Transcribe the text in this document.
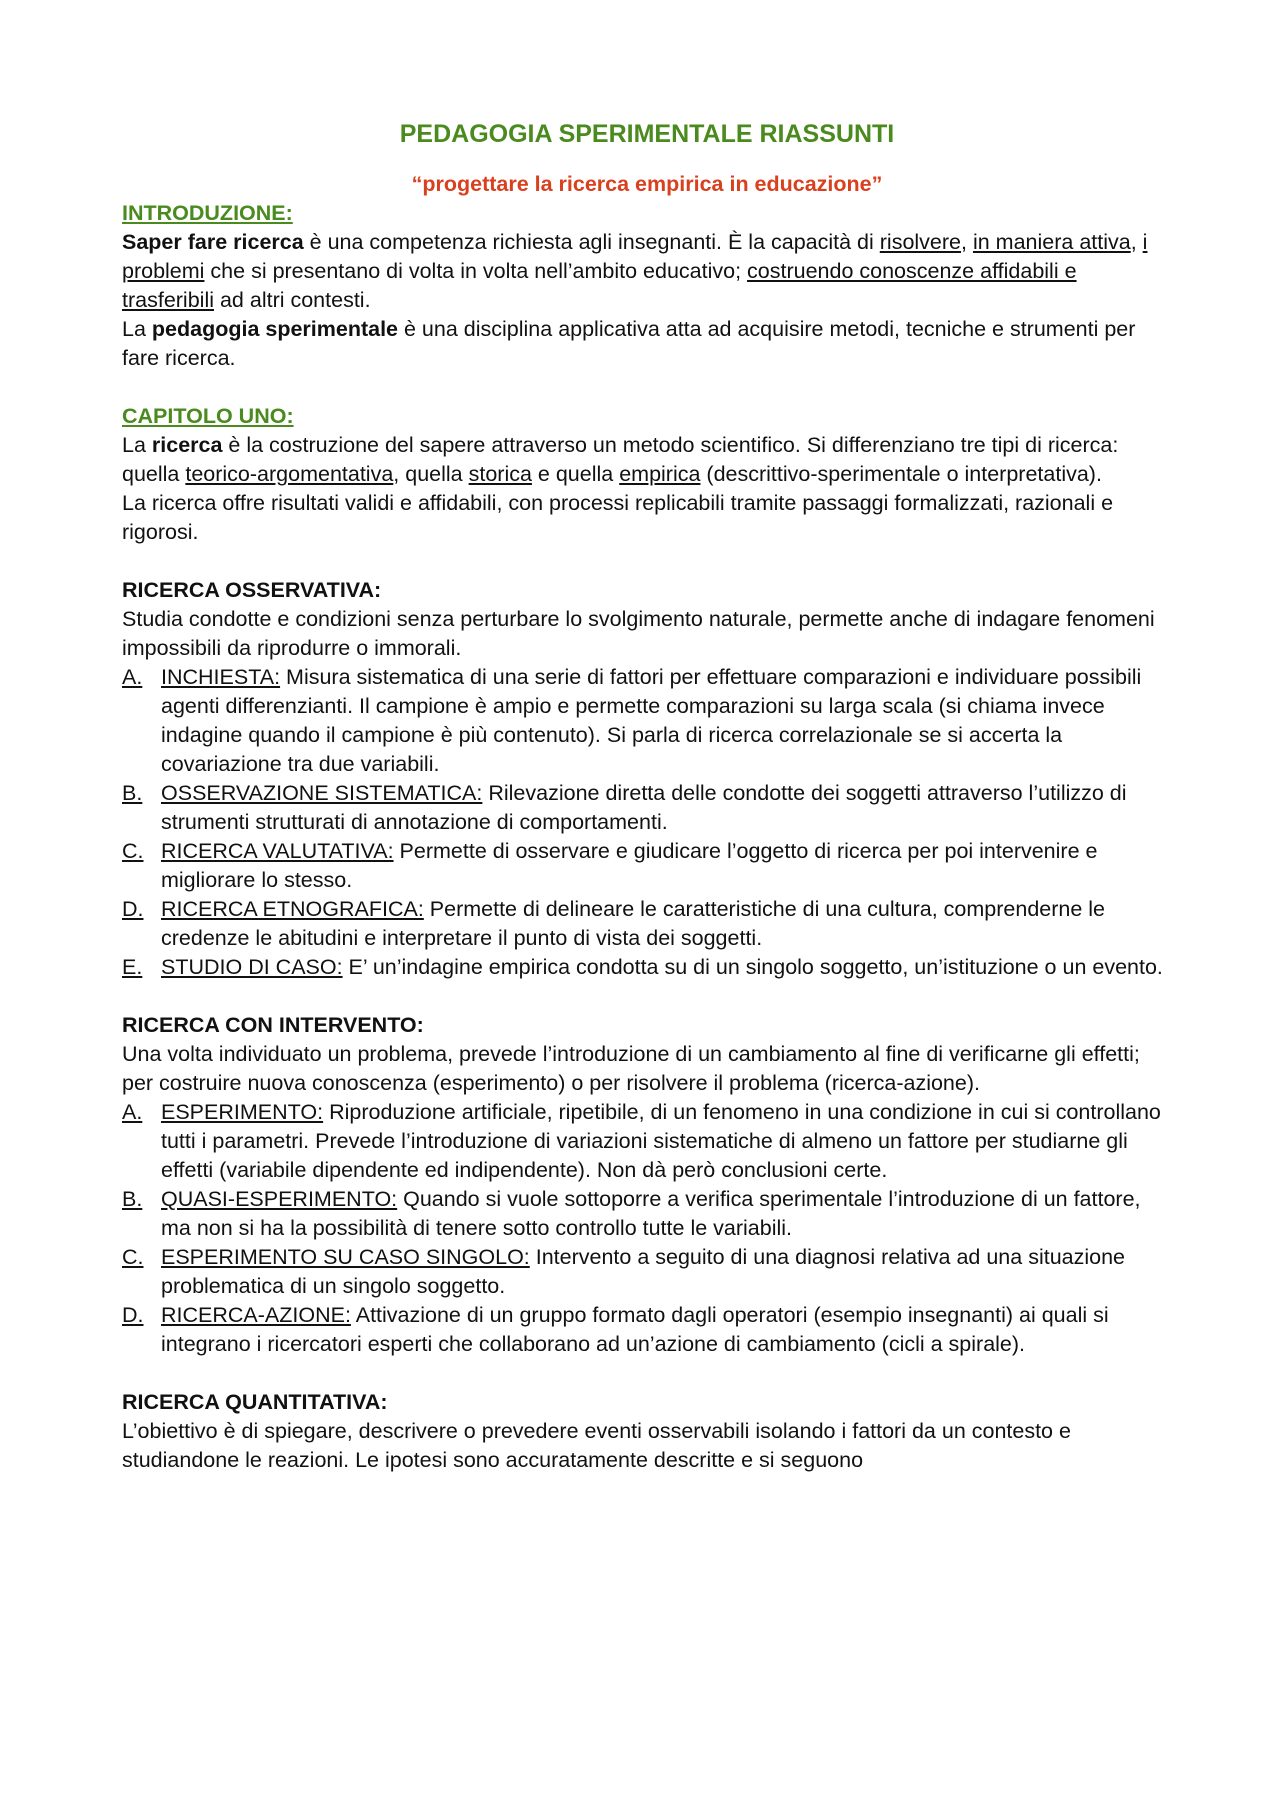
PEDAGOGIA SPERIMENTALE RIASSUNTI
“progettare la ricerca empirica in educazione”
INTRODUZIONE:

Saper fare ricerca è una competenza richiesta agli insegnanti. È la capacità di risolvere, in maniera attiva, i problemi che si presentano di volta in volta nell’ambito educativo; costruendo conoscenze affidabili e trasferibili ad altri contesti.

La pedagogia sperimentale è una disciplina applicativa atta ad acquisire metodi, tecniche e strumenti per fare ricerca.

CAPITOLO UNO:

La ricerca è la costruzione del sapere attraverso un metodo scientifico. Si differenziano tre tipi di ricerca: quella teorico-argomentativa, quella storica e quella empirica (descrittivo-sperimentale o interpretativa).

La ricerca offre risultati validi e affidabili, con processi replicabili tramite passaggi formalizzati, razionali e rigorosi.

RICERCA OSSERVATIVA:

Studia condotte e condizioni senza perturbare lo svolgimento naturale, permette anche di indagare fenomeni impossibili da riprodurre o immorali.

A. INCHIESTA: Misura sistematica di una serie di fattori per effettuare comparazioni e individuare possibili agenti differenzianti. Il campione è ampio e permette comparazioni su larga scala (si chiama invece indagine quando il campione è più contenuto). Si parla di ricerca correlazionale se si accerta la covariazione tra due variabili.
B. OSSERVAZIONE SISTEMATICA: Rilevazione diretta delle condotte dei soggetti attraverso l’utilizzo di strumenti strutturati di annotazione di comportamenti.
C. RICERCA VALUTATIVA: Permette di osservare e giudicare l’oggetto di ricerca per poi intervenire e migliorare lo stesso.
D. RICERCA ETNOGRAFICA: Permette di delineare le caratteristiche di una cultura, comprenderne le credenze le abitudini e interpretare il punto di vista dei soggetti.
E. STUDIO DI CASO: E’ un’indagine empirica condotta su di un singolo soggetto, un’istituzione o un evento.
RICERCA CON INTERVENTO:

Una volta individuato un problema, prevede l’introduzione di un cambiamento al fine di verificarne gli effetti; per costruire nuova conoscenza (esperimento) o per risolvere il problema (ricerca-azione).

A. ESPERIMENTO: Riproduzione artificiale, ripetibile, di un fenomeno in una condizione in cui si controllano tutti i parametri. Prevede l’introduzione di variazioni sistematiche di almeno un fattore per studiarne gli effetti (variabile dipendente ed indipendente). Non dà però conclusioni certe.
B. QUASI-ESPERIMENTO: Quando si vuole sottoporre a verifica sperimentale l’introduzione di un fattore, ma non si ha la possibilità di tenere sotto controllo tutte le variabili.
C. ESPERIMENTO SU CASO SINGOLO: Intervento a seguito di una diagnosi relativa ad una situazione problematica di un singolo soggetto.
D. RICERCA-AZIONE: Attivazione di un gruppo formato dagli operatori (esempio insegnanti) ai quali si integrano i ricercatori esperti che collaborano ad un’azione di cambiamento (cicli a spirale).
RICERCA QUANTITATIVA:

L’obiettivo è di spiegare, descrivere o prevedere eventi osservabili isolando i fattori da un contesto e studiandone le reazioni. Le ipotesi sono accuratamente descritte e si seguono
